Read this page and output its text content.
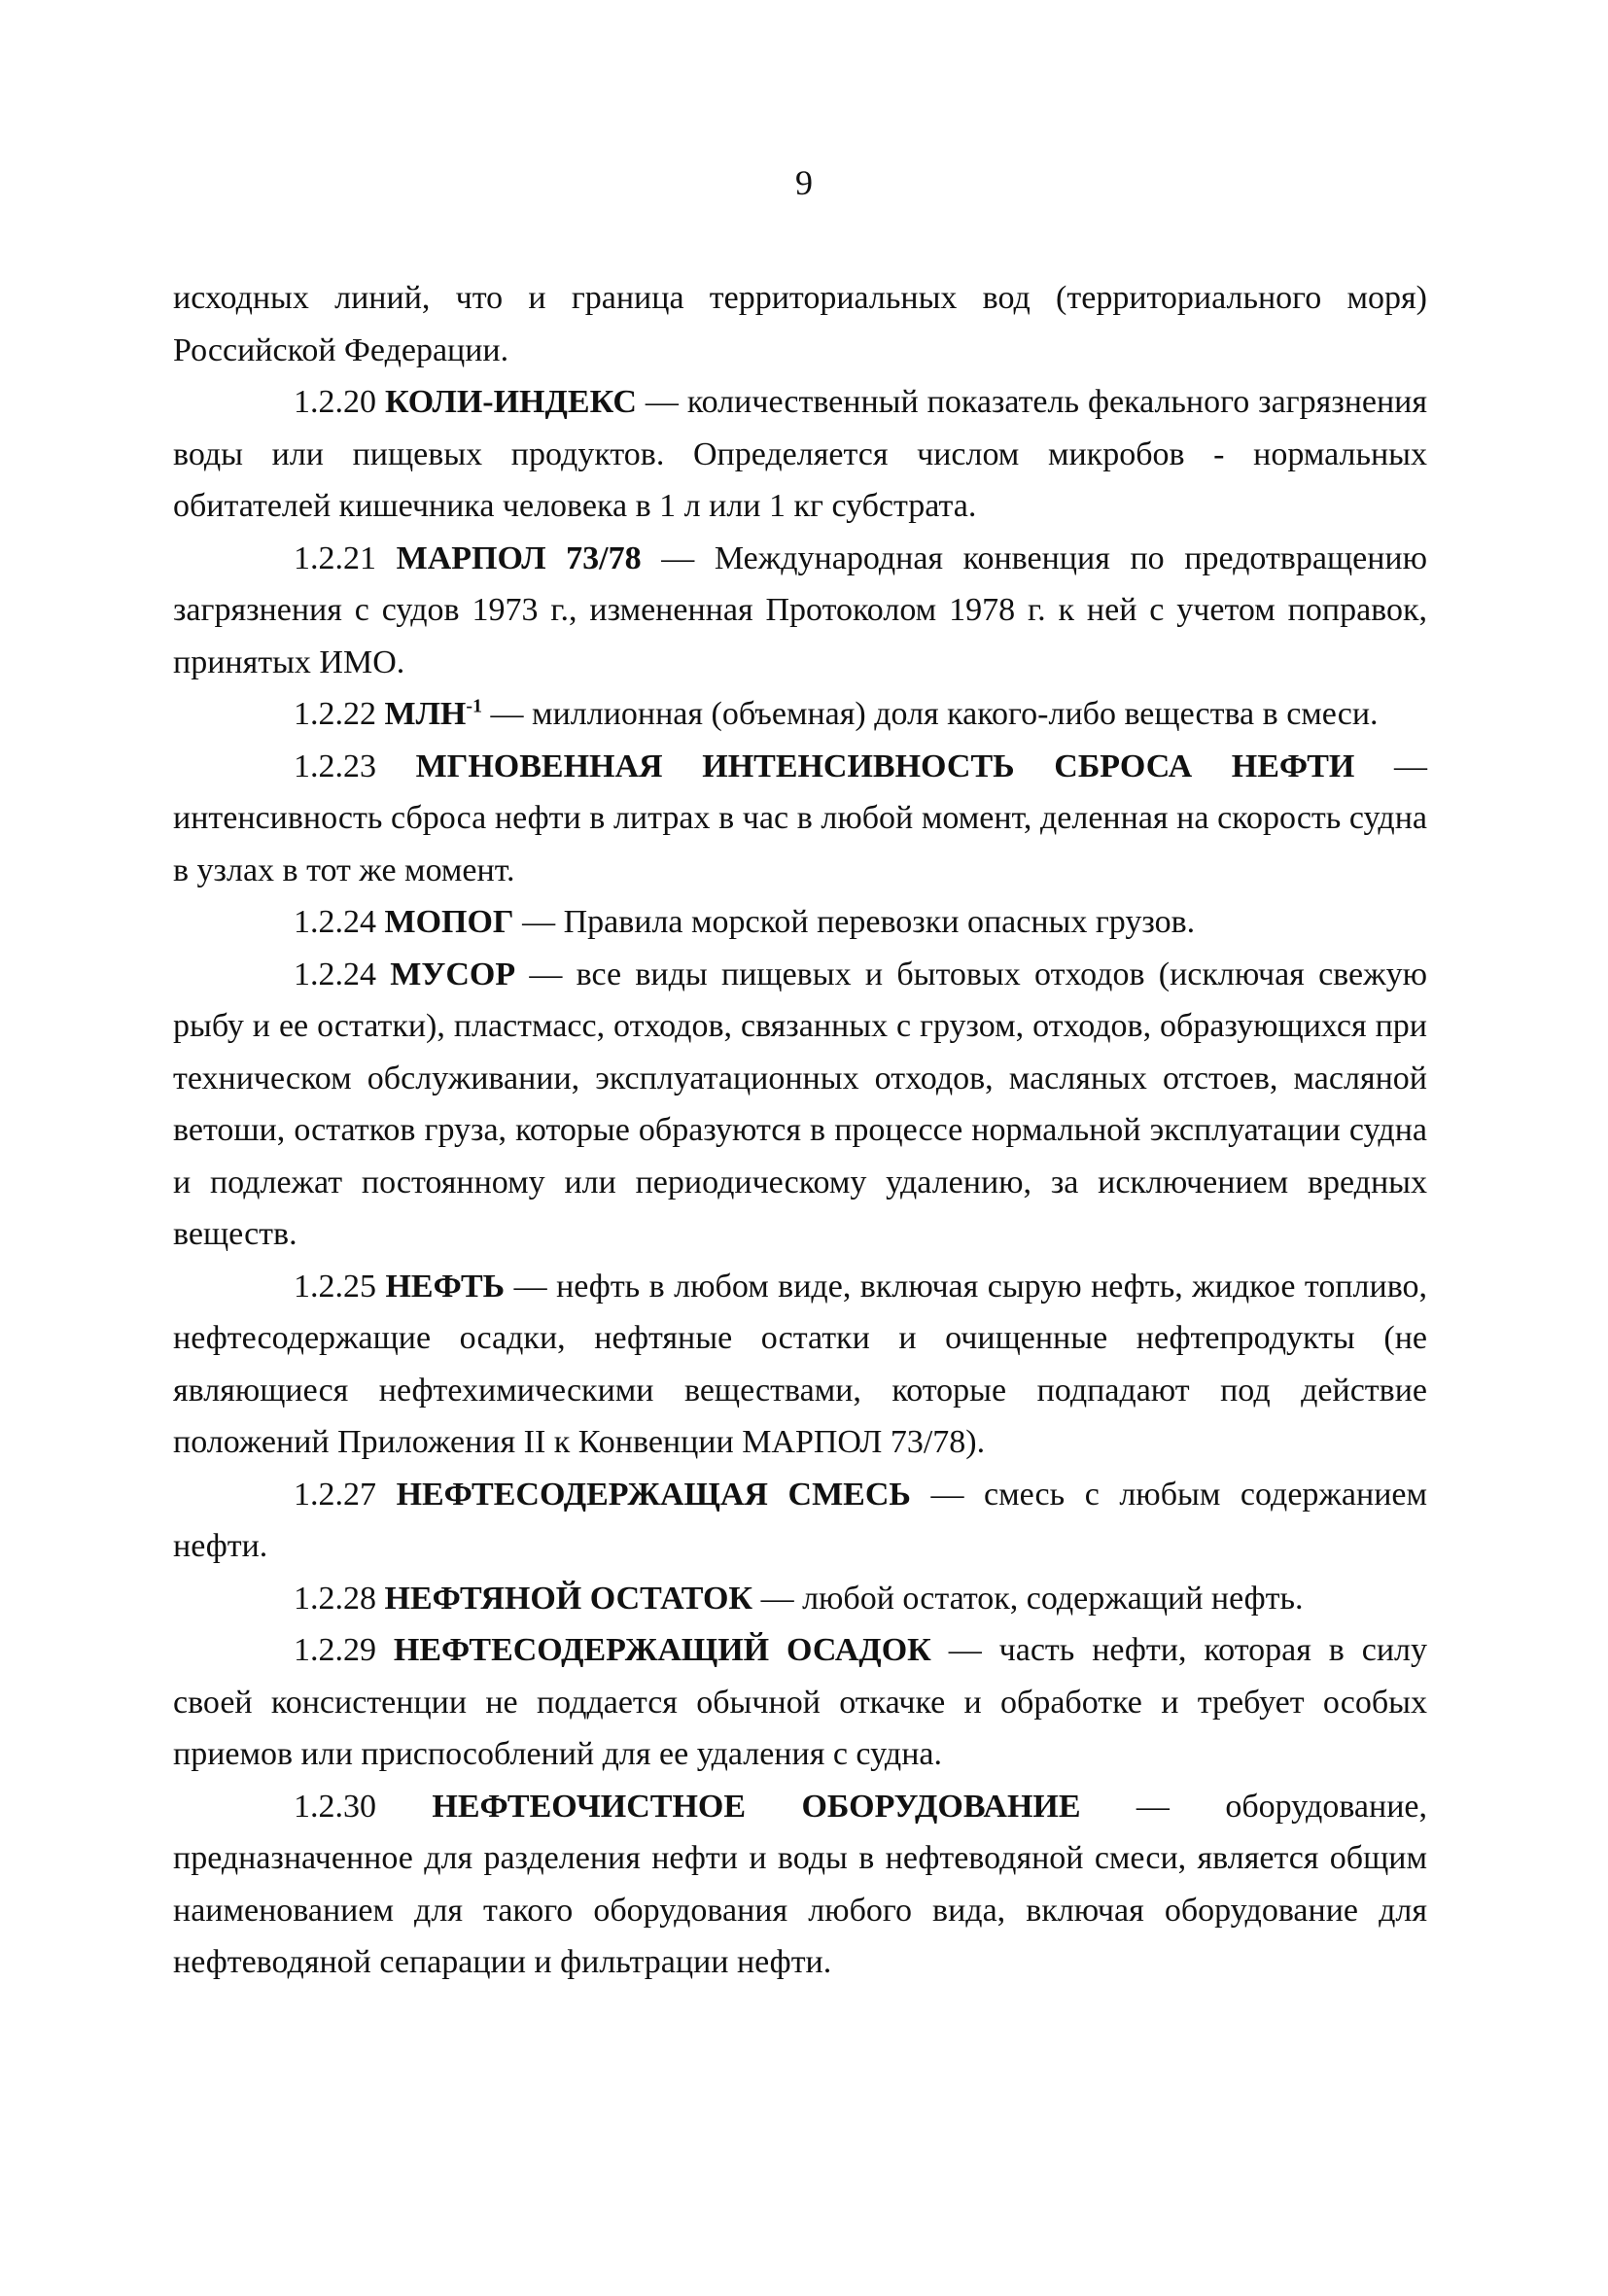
9

исходных линий, что и граница территориальных вод (территориального моря) Российской Федерации.

1.2.20 КОЛИ-ИНДЕКС — количественный показатель фекального загрязнения воды или пищевых продуктов. Определяется числом микробов - нормальных обитателей кишечника человека в 1 л или 1 кг субстрата.

1.2.21 МАРПОЛ 73/78 — Международная конвенция по предотвращению загрязнения с судов 1973 г., измененная Протоколом 1978 г. к ней с учетом поправок, принятых ИМО.

1.2.22 $МЛН^{-1}$ — миллионная (объемная) доля какого-либо вещества в смеси.

1.2.23 МГНОВЕННАЯ ИНТЕНСИВНОСТЬ СБРОСА НЕФТИ — интенсивность сброса нефти в литрах в час в любой момент, деленная на скорость судна в узлах в тот же момент.

1.2.24 МОПОГ — Правила морской перевозки опасных грузов.

1.2.24 МУСОР — все виды пищевых и бытовых отходов (исключая свежую рыбу и ее остатки), пластмасс, отходов, связанных с грузом, отходов, образующихся при техническом обслуживании, эксплуатационных отходов, масляных отстоев, масляной ветоши, остатков груза, которые образуются в процессе нормальной эксплуатации судна и подлежат постоянному или периодическому удалению, за исключением вредных веществ.

1.2.25 НЕФТЬ — нефть в любом виде, включая сырую нефть, жидкое топливо, нефтесодержащие осадки, нефтяные остатки и очищенные нефтепродукты (не являющиеся нефтехимическими веществами, которые подпадают под действие положений Приложения II к Конвенции МАРПОЛ 73/78).

1.2.27 НЕФТЕСОДЕРЖАЩАЯ СМЕСЬ — смесь с любым содержанием нефти.

1.2.28 НЕФТЯНОЙ ОСТАТОК — любой остаток, содержащий нефть.

1.2.29 НЕФТЕСОДЕРЖАЩИЙ ОСАДОК — часть нефти, которая в силу своей консистенции не поддается обычной откачке и обработке и требует особых приемов или приспособлений для ее удаления с судна.

1.2.30 НЕФТЕОЧИСТНОЕ ОБОРУДОВАНИЕ — оборудование, предназначенное для разделения нефти и воды в нефтеводяной смеси, является общим наименованием для такого оборудования любого вида, включая оборудование для нефтеводяной сепарации и фильтрации нефти.
